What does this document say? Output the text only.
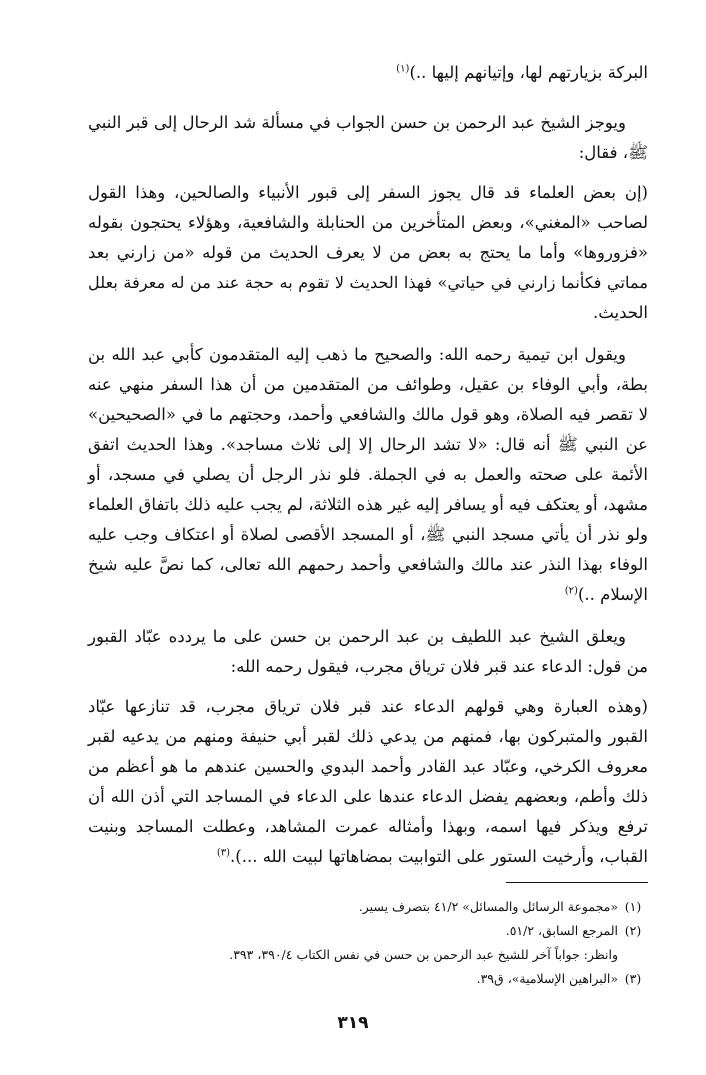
البركة بزيارتهم لها، وإتيانهم إليها ..)$^{(١)}$
ويوجز الشيخ عبد الرحمن بن حسن الجواب في مسألة شد الرحال إلى قبر النبي
ﷺ، فقال:
(إن بعض العلماء قد قال يجوز السفر إلى قبور الأنبياء والصالحين، وهذا القول
لصاحب «المغني»، وبعض المتأخرين من الحنابلة والشافعية، وهؤلاء يحتجون بقوله
«فزوروها» وأما ما يحتج به بعض من لا يعرف الحديث من قوله «من زارني بعد
مماتي فكأنما زارني في حياتي» فهذا الحديث لا تقوم به حجة عند من له معرفة بعلل
الحديث.
ويقول ابن تيمية رحمه الله: والصحيح ما ذهب إليه المتقدمون كأبي عبد الله بن
بطة، وأبي الوفاء بن عقيل، وطوائف من المتقدمين من أن هذا السفر منهي عنه
لا تقصر فيه الصلاة، وهو قول مالك والشافعي وأحمد، وحجتهم ما في «الصحيحين»
عن النبي ﷺ أنه قال: «لا تشد الرحال إلا إلى ثلاث مساجد». وهذا الحديث اتفق
الأئمة على صحته والعمل به في الجملة. فلو نذر الرجل أن يصلي في مسجد، أو
مشهد، أو يعتكف فيه أو يسافر إليه غير هذه الثلاثة، لم يجب عليه ذلك باتفاق العلماء
ولو نذر أن يأتي مسجد النبي ﷺ، أو المسجد الأقصى لصلاة أو اعتكاف وجب عليه
الوفاء بهذا النذر عند مالك والشافعي وأحمد رحمهم الله تعالى، كما نصَّ عليه شيخ
الإسلام ..)$^{(٢)}$
ويعلق الشيخ عبد اللطيف بن عبد الرحمن بن حسن على ما يردده عبّاد القبور
من قول: الدعاء عند قبر فلان ترياق مجرب، فيقول رحمه الله:
(وهذه العبارة وهي قولهم الدعاء عند قبر فلان ترياق مجرب، قد تنازعها عبّاد
القبور والمتبركون بها، فمنهم من يدعي ذلك لقبر أبي حنيفة ومنهم من يدعيه لقبر
معروف الكرخي، وعبّاد عبد القادر وأحمد البدوي والحسين عندهم ما هو أعظم من
ذلك وأطم، وبعضهم يفضل الدعاء عندها على الدعاء في المساجد التي أذن الله أن
ترفع ويذكر فيها اسمه، وبهذا وأمثاله عمرت المشاهد، وعطلت المساجد وبنيت
القباب، وأرخيت الستور على التوابيت بمضاهاتها لبيت الله ...).$^{(٣)}$
(١)«مجموعة الرسائل والمسائل» ٤١/٢ بتصرف يسير.
(٢)المرجع السابق، ٥١/٢.
وانظر: جواباً آخر للشيخ عبد الرحمن بن حسن في نفس الكتاب ٣٩٠/٤، ٣٩٣.
(٣)«البراهين الإسلامية»، ق٣٩.
٣١٩
